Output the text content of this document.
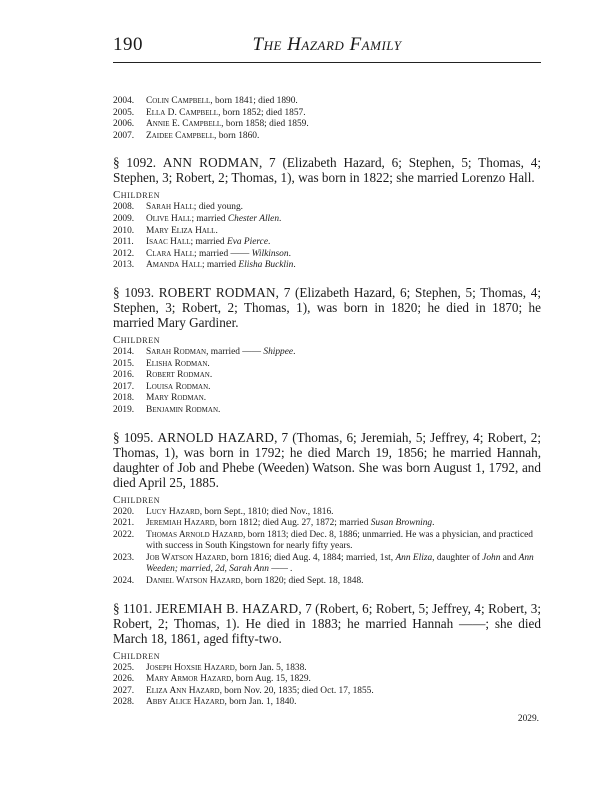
190	The Hazard Family

2004. Colin Campbell, born 1841; died 1890.

2005. Ella D. Campbell, born 1852; died 1857.

2006. Annie E. Campbell, born 1858; died 1859.

2007. Zaidee Campbell, born 1860.

§ 1092. ANN RODMAN, 7 (Elizabeth Hazard, 6; Stephen, 5; Thomas, 4; Stephen, 3; Robert, 2; Thomas, 1), was born in 1822; she married Lorenzo Hall.

Children

2008. Sarah Hall; died young.

2009. Olive Hall; married Chester Allen.

2010. Mary Eliza Hall.

2011. Isaac Hall; married Eva Pierce.

2012. Clara Hall; married —— Wilkinson.

2013. Amanda Hall; married Elisha Bucklin.

§ 1093. ROBERT RODMAN, 7 (Elizabeth Hazard, 6; Stephen, 5; Thomas, 4; Stephen, 3; Robert, 2; Thomas, 1), was born in 1820; he died in 1870; he married Mary Gardiner.

Children

2014. Sarah Rodman, married —— Shippee.

2015. Elisha Rodman.

2016. Robert Rodman.

2017. Louisa Rodman.

2018. Mary Rodman.

2019. Benjamin Rodman.

§ 1095. ARNOLD HAZARD, 7 (Thomas, 6; Jeremiah, 5; Jeffrey, 4; Robert, 2; Thomas, 1), was born in 1792; he died March 19, 1856; he married Hannah, daughter of Job and Phebe (Weeden) Watson. She was born August 1, 1792, and died April 25, 1885.

Children

2020. Lucy Hazard, born Sept., 1810; died Nov., 1816.

2021. Jeremiah Hazard, born 1812; died Aug. 27, 1872; married Susan Browning.

2022. Thomas Arnold Hazard, born 1813; died Dec. 8, 1886; unmarried. He was a physician, and practiced with success in South Kingstown for nearly fifty years.

2023. Job Watson Hazard, born 1816; died Aug. 4, 1884; married, 1st, Ann Eliza, daughter of John and Ann Weeden; married, 2d, Sarah Ann —— .

2024. Daniel Watson Hazard, born 1820; died Sept. 18, 1848.

§ 1101. JEREMIAH B. HAZARD, 7 (Robert, 6; Robert, 5; Jeffrey, 4; Robert, 3; Robert, 2; Thomas, 1). He died in 1883; he married Hannah ——; she died March 18, 1861, aged fifty-two.

Children

2025. Joseph Hoxsie Hazard, born Jan. 5, 1838.

2026. Mary Armor Hazard, born Aug. 15, 1829.

2027. Eliza Ann Hazard, born Nov. 20, 1835; died Oct. 17, 1855.

2028. Abby Alice Hazard, born Jan. 1, 1840.

2029.
